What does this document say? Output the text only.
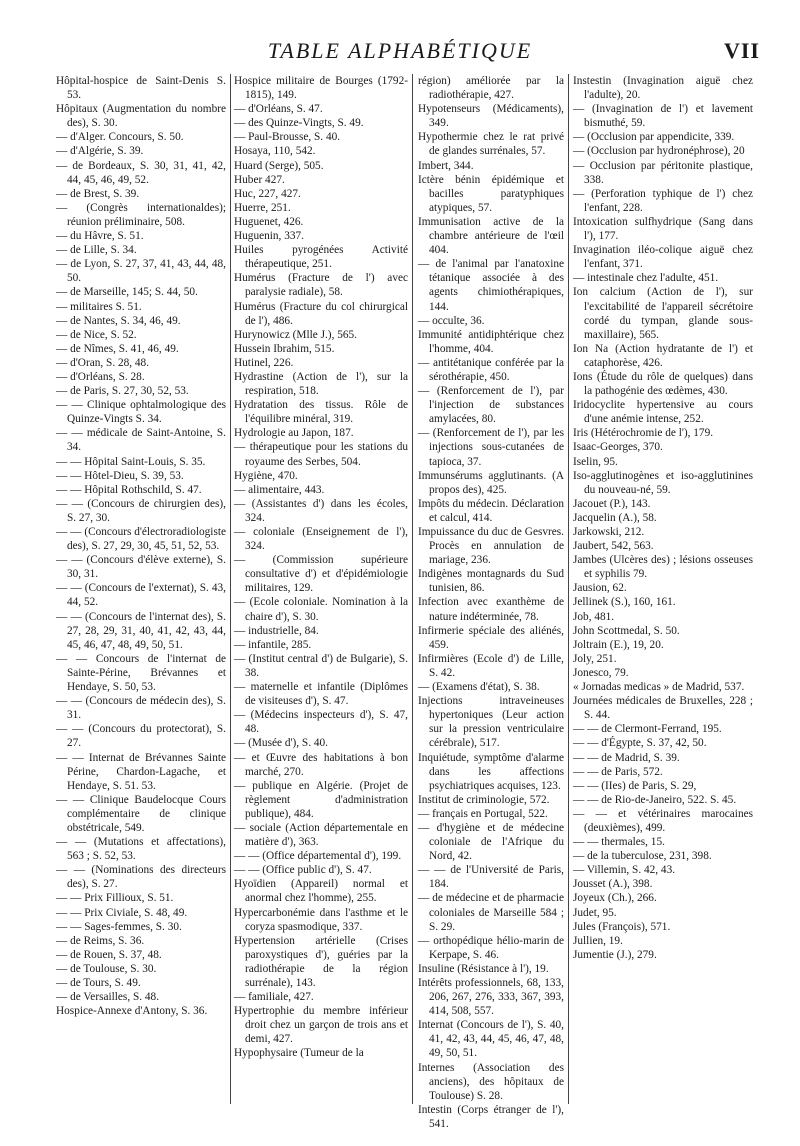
TABLE ALPHABÉTIQUE	VII
Hôpital-hospice de Saint-Denis S. 53.
Hôpitaux (Augmentation du nombre des), S. 30.
— d'Alger. Concours, S. 50.
— d'Algérie, S. 39.
— de Bordeaux, S. 30, 31, 41, 42, 44, 45, 46, 49, 52.
— de Brest, S. 39.
— (Congrès internationaldes); réunion préliminaire, 508.
— du Hâvre, S. 51.
— de Lille, S. 34.
— de Lyon, S. 27, 37, 41, 43, 44, 48, 50.
— de Marseille, 145; S. 44, 50.
— militaires S. 51.
— de Nantes, S. 34, 46, 49.
— de Nice, S. 52.
— de Nîmes, S. 41, 46, 49.
— d'Oran, S. 28, 48.
— d'Orléans, S. 28.
— de Paris, S. 27, 30, 52, 53.
— — Clinique ophtalmologique des Quinze-Vingts S. 34.
— — médicale de Saint-Antoine, S. 34.
— — Hôpital Saint-Louis, S. 35.
— — Hôtel-Dieu, S. 39, 53.
— — Hôpital Rothschild, S. 47.
— — (Concours de chirurgien des), S. 27, 30.
— — (Concours d'électroradiologiste des), S. 27, 29, 30, 45, 51, 52, 53.
— — (Concours d'élève externe), S. 30, 31.
— — (Concours de l'externat), S. 43, 44, 52.
— — (Concours de l'internat des), S. 27, 28, 29, 31, 40, 41, 42, 43, 44, 45, 46, 47, 48, 49, 50, 51.
— — Concours de l'internat de Sainte-Périne, Brévannes et Hendaye, S. 50, 53.
— — (Concours de médecin des), S. 31.
— — (Concours du protectorat), S. 27.
— — Internat de Brévannes Sainte Périne, Chardon-Lagache, et Hendaye, S. 51. 53.
— — Clinique Baudelocque Cours complémentaire de clinique obstétricale, 549.
— — (Mutations et affectations), 563 ; S. 52, 53.
— — (Nominations des directeurs des), S. 27.
— — Prix Fillioux, S. 51.
— — Prix Civiale, S. 48, 49.
— — Sages-femmes, S. 30.
— de Reims, S. 36.
— de Rouen, S. 37, 48.
— de Toulouse, S. 30.
— de Tours, S. 49.
— de Versailles, S. 48.
Hospice-Annexe d'Antony, S. 36.
Hospice militaire de Bourges (1792-1815), 149.
— d'Orléans, S. 47.
— des Quinze-Vingts, S. 49.
— Paul-Brousse, S. 40.
Hosaya, 110, 542.
Huard (Serge), 505.
Huber 427.
Huc, 227, 427.
Huerre, 251.
Huguenet, 426.
Huguenin, 337.
Huiles pyrogénées Activité thérapeutique, 251.
Humérus (Fracture de l') avec paralysie radiale), 58.
Humérus (Fracture du col chirurgical de l'), 486.
Hurynowicz (Mlle J.), 565.
Hussein Ibrahim, 515.
Hutinel, 226.
Hydrastine (Action de l'), sur la respiration, 518.
Hydratation des tissus. Rôle de l'équilibre minéral, 319.
Hydrologie au Japon, 187.
— thérapeutique pour les stations du royaume des Serbes, 504.
Hygiène, 470.
— alimentaire, 443.
— (Assistantes d') dans les écoles, 324.
— coloniale (Enseignement de l'), 324.
— (Commission supérieure consultative d') et d'épidémiologie militaires, 129.
— (Ecole coloniale. Nomination à la chaire d'), S. 30.
— industrielle, 84.
— infantile, 285.
— (Institut central d') de Bulgarie), S. 38.
— maternelle et infantile (Diplômes de visiteuses d'), S. 47.
— (Médecins inspecteurs d'), S. 47, 48.
— (Musée d'), S. 40.
— et Œuvre des habitations à bon marché, 270.
— publique en Algérie. (Projet de règlement d'administration publique), 484.
— sociale (Action départementale en matière d'), 363.
— — (Office départemental d'), 199.
— — (Office public d'), S. 47.
Hyoïdien (Appareil) normal et anormal chez l'homme), 255.
Hypercarbonémie dans l'asthme et le coryza spasmodique, 337.
Hypertension artérielle (Crises paroxystiques d'), guéries par la radiothérapie de la région surrénale), 143.
— familiale, 427.
Hypertrophie du membre inférieur droit chez un garçon de trois ans et demi, 427.
Hypophysaire (Tumeur de la
région) améliorée par la radiothérapie, 427.
Hypotenseurs (Médicaments), 349.
Hypothermie chez le rat privé de glandes surrénales, 57.
Imbert, 344.
Ictère bénin épidémique et bacilles paratyphiques atypiques, 57.
Immunisation active de la chambre antérieure de l'œil 404.
— de l'animal par l'anatoxine tétanique associée à des agents chimiothérapiques, 144.
— occulte, 36.
Immunité antidiphtérique chez l'homme, 404.
— antitétanique conférée par la sérothérapie, 450.
— (Renforcement de l'), par l'injection de substances amylacées, 80.
— (Renforcement de l'), par les injections sous-cutanées de tapioca, 37.
Immunsérums agglutinants. (A propos des), 425.
Impôts du médecin. Déclaration et calcul, 414.
Impuissance du duc de Gesvres. Procès en annulation de mariage, 236.
Indigènes montagnards du Sud tunisien, 86.
Infection avec exanthème de nature indéterminée, 78.
Infirmerie spéciale des aliénés, 459.
Infirmières (Ecole d') de Lille, S. 42.
— (Examens d'état), S. 38.
Injections intraveineuses hypertoniques (Leur action sur la pression ventriculaire cérébrale), 517.
Inquiétude, symptôme d'alarme dans les affections psychiatriques acquises, 123.
Institut de criminologie, 572.
— français en Portugal, 522.
— d'hygiène et de médecine coloniale de l'Afrique du Nord, 42.
— — de l'Université de Paris, 184.
— de médecine et de pharmacie coloniales de Marseille 584 ; S. 29.
— orthopédique hélio-marin de Kerpape, S. 46.
Insuline (Résistance à l'), 19.
Intérêts professionnels, 68, 133, 206, 267, 276, 333, 367, 393, 414, 508, 557.
Internat (Concours de l'), S. 40, 41, 42, 43, 44, 45, 46, 47, 48, 49, 50, 51.
Internes (Association des anciens), des hôpitaux de Toulouse) S. 28.
Intestin (Corps étranger de l'), 541.
Instestin (Invagination aiguë chez l'adulte), 20.
— (Invagination de l') et lavement bismuthé, 59.
— (Occlusion par appendicite, 339.
— (Occlusion par hydronéphrose), 20
— Occlusion par péritonite plastique, 338.
— (Perforation typhique de l') chez l'enfant, 228.
Intoxication sulfhydrique (Sang dans l'), 177.
Invagination iléo-colique aiguë chez l'enfant, 371.
— intestinale chez l'adulte, 451.
Ion calcium (Action de l'), sur l'excitabilité de l'appareil sécrétoire cordé du tympan, glande sous-maxillaire), 565.
Ion Na (Action hydratante de l') et cataphorèse, 426.
Ions (Étude du rôle de quelques) dans la pathogénie des œdèmes, 430.
Iridocyclite hypertensive au cours d'une anémie intense, 252.
Iris (Hétérochromie de l'), 179.
Isaac-Georges, 370.
Iselin, 95.
Iso-agglutinogènes et iso-agglutinines du nouveau-né, 59.
Jacouet (P.), 143.
Jacquelin (A.), 58.
Jarkowski, 212.
Jaubert, 542, 563.
Jambes (Ulcères des) ; lésions osseuses et syphilis 79.
Jausion, 62.
Jellinek (S.), 160, 161.
Job, 481.
John Scottmedal, S. 50.
Joltrain (E.), 19, 20.
Joly, 251.
Jonesco, 79.
« Jornadas medicas » de Madrid, 537.
Journées médicales de Bruxelles, 228 ; S. 44.
— — de Clermont-Ferrand, 195.
— — d'Égypte, S. 37, 42, 50.
— — de Madrid, S. 39.
— — de Paris, 572.
— — (IIes) de Paris, S. 29,
— — de Rio-de-Janeiro, 522. S. 45.
— — et vétérinaires marocaines (deuxièmes), 499.
— — thermales, 15.
— de la tuberculose, 231, 398.
— Villemin, S. 42, 43.
Jousset (A.), 398.
Joyeux (Ch.), 266.
Judet, 95.
Jules (François), 571.
Jullien, 19.
Jumentie (J.), 279.
